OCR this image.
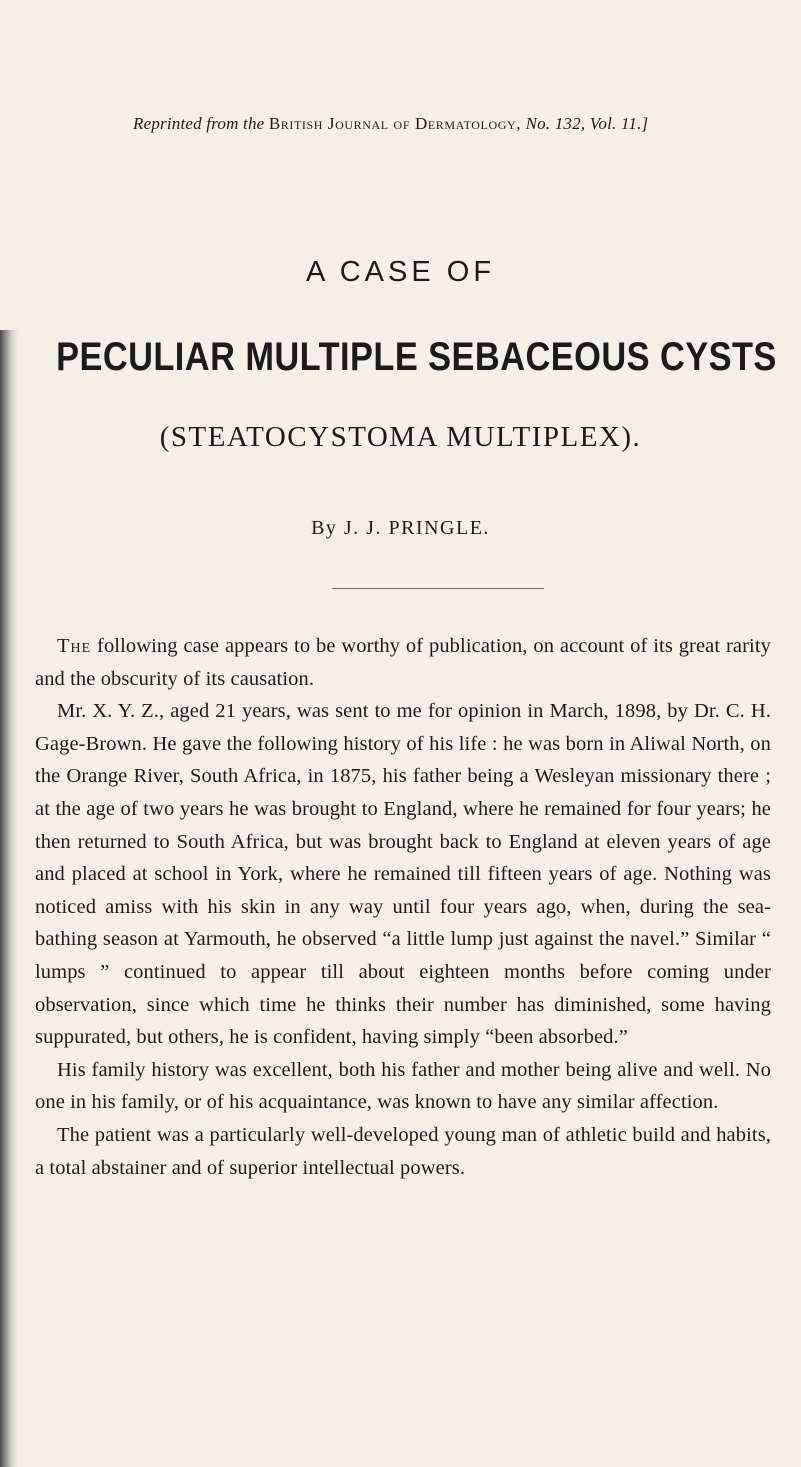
Reprinted from the British Journal of Dermatology, No. 132, Vol. 11.]
A CASE OF
PECULIAR MULTIPLE SEBACEOUS CYSTS
(STEATOCYSTOMA MULTIPLEX).
By J. J. PRINGLE.

The following case appears to be worthy of publication, on account of its great rarity and the obscurity of its causation.

Mr. X. Y. Z., aged 21 years, was sent to me for opinion in March, 1898, by Dr. C. H. Gage-Brown. He gave the following history of his life : he was born in Aliwal North, on the Orange River, South Africa, in 1875, his father being a Wesleyan missionary there ; at the age of two years he was brought to England, where he remained for four years; he then returned to South Africa, but was brought back to England at eleven years of age and placed at school in York, where he remained till fifteen years of age. Nothing was noticed amiss with his skin in any way until four years ago, when, during the sea-bathing season at Yarmouth, he observed “a little lump just against the navel.” Similar “ lumps ” continued to appear till about eighteen months before coming under observation, since which time he thinks their number has diminished, some having suppurated, but others, he is confident, having simply “been absorbed.”

His family history was excellent, both his father and mother being alive and well. No one in his family, or of his acquaintance, was known to have any similar affection.

The patient was a particularly well-developed young man of athletic build and habits, a total abstainer and of superior intellectual powers.
